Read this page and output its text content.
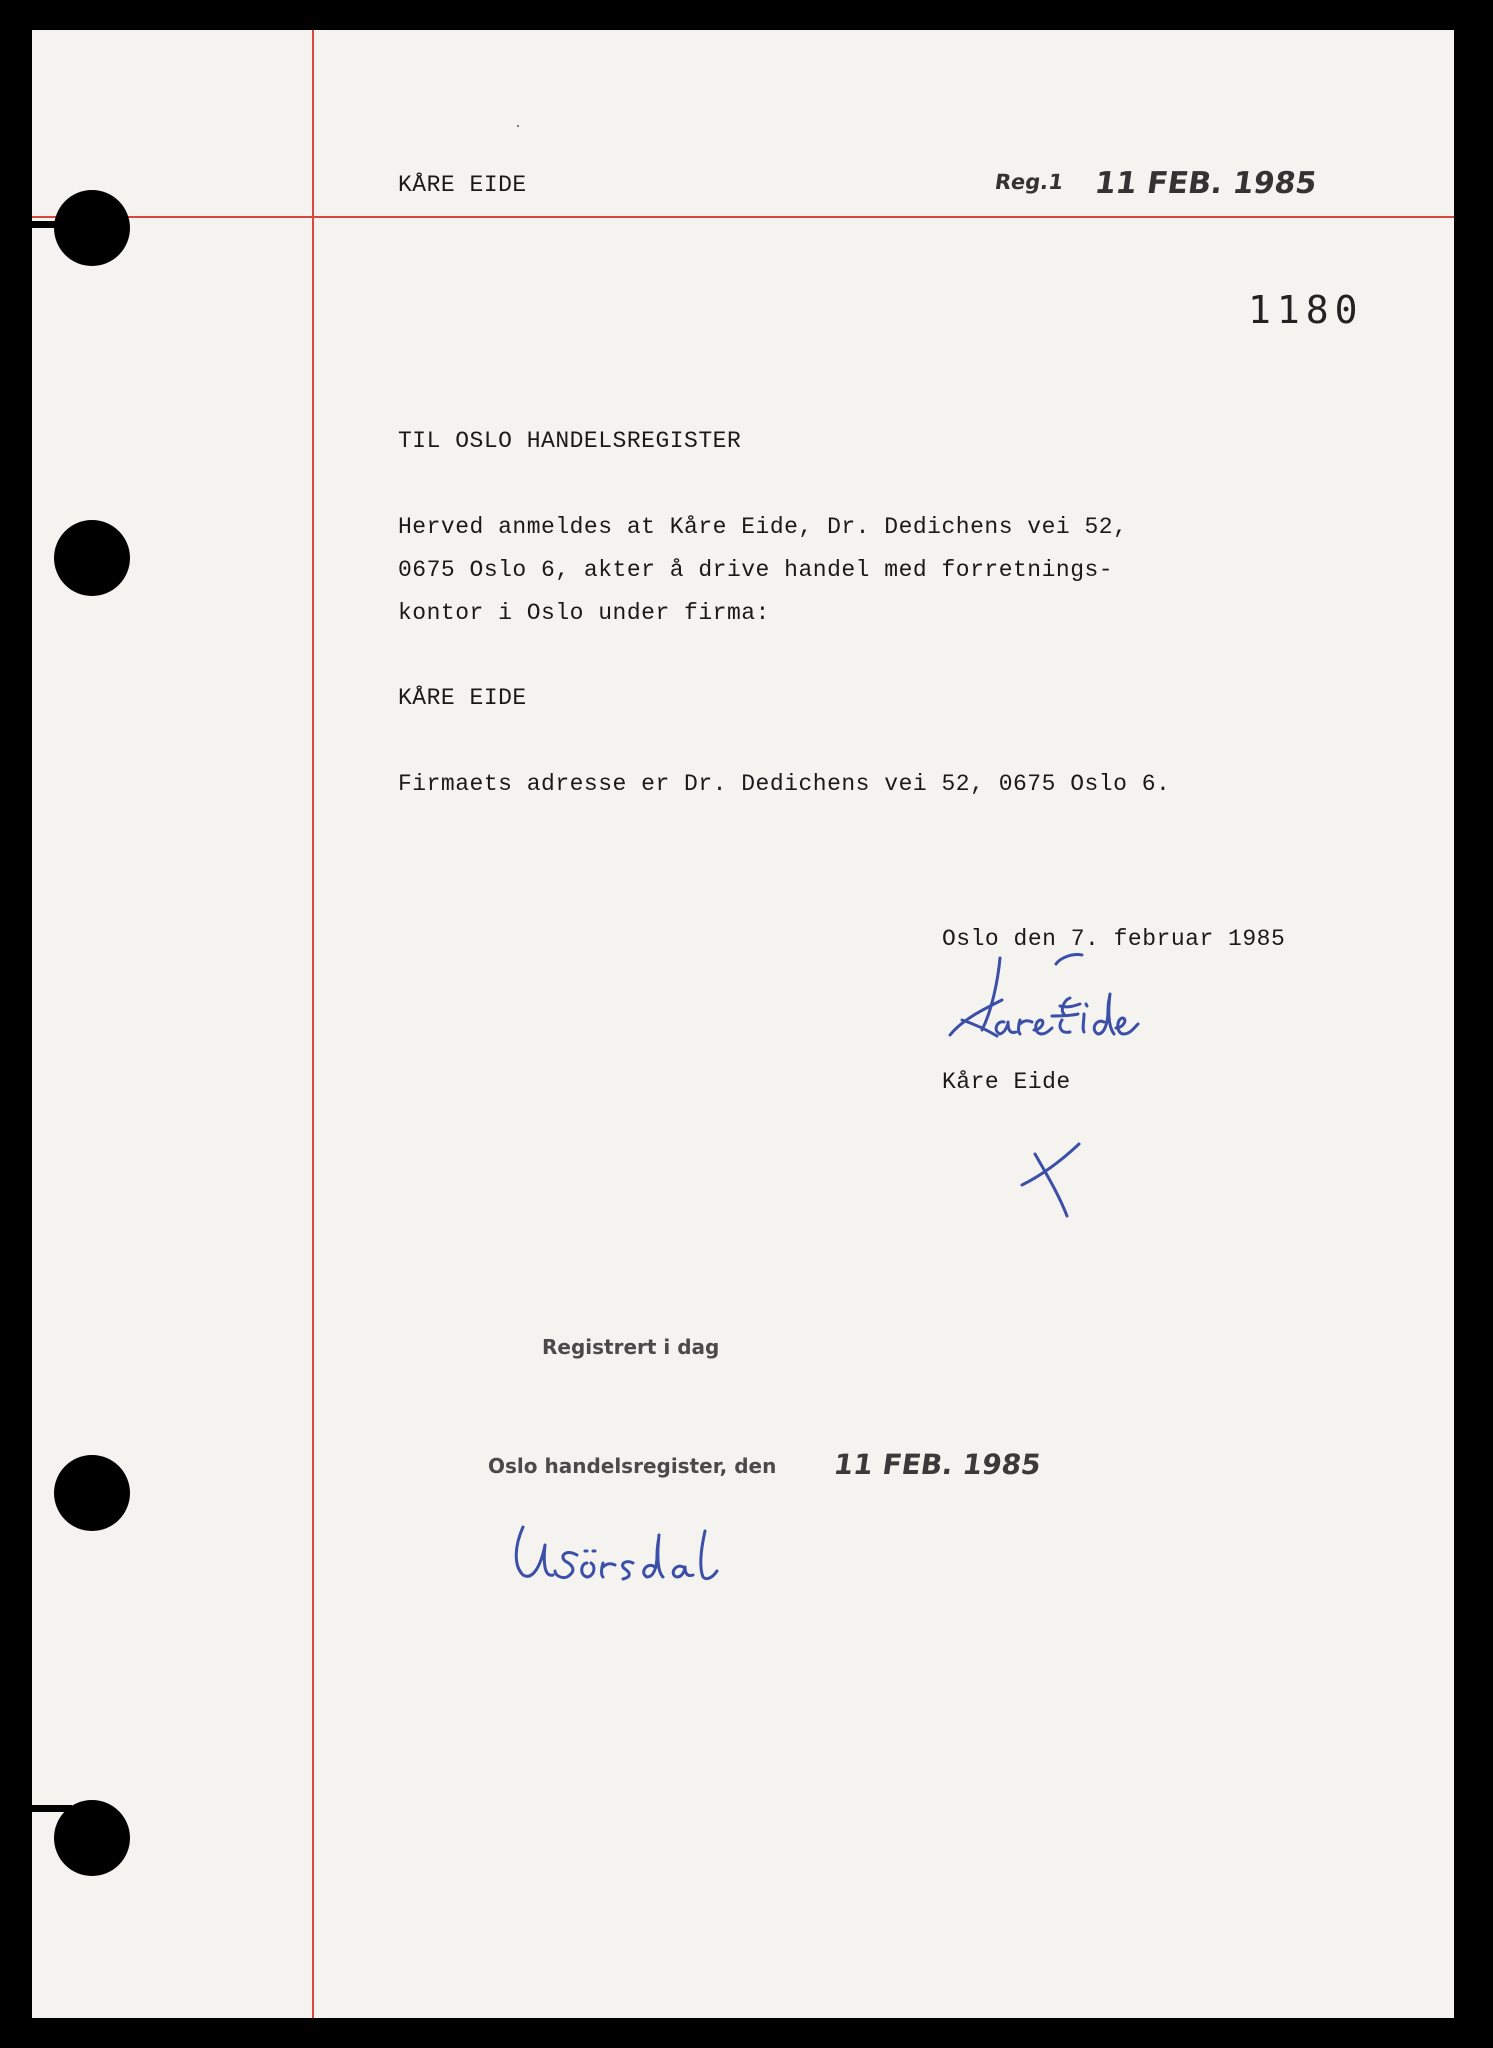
KÅRE EIDE	Reg.1 11 FEB. 1985
1180
TIL OSLO HANDELSREGISTER
Herved anmeldes at Kåre Eide, Dr. Dedichens vei 52,
0675 Oslo 6, akter å drive handel med forretnings-
kontor i Oslo under firma:
KÅRE EIDE
Firmaets adresse er Dr. Dedichens vei 52, 0675 Oslo 6.
Oslo den 7. februar 1985
Kåre Eide
Registrert i dag
Oslo handelsregister, den 11 FEB. 1985
